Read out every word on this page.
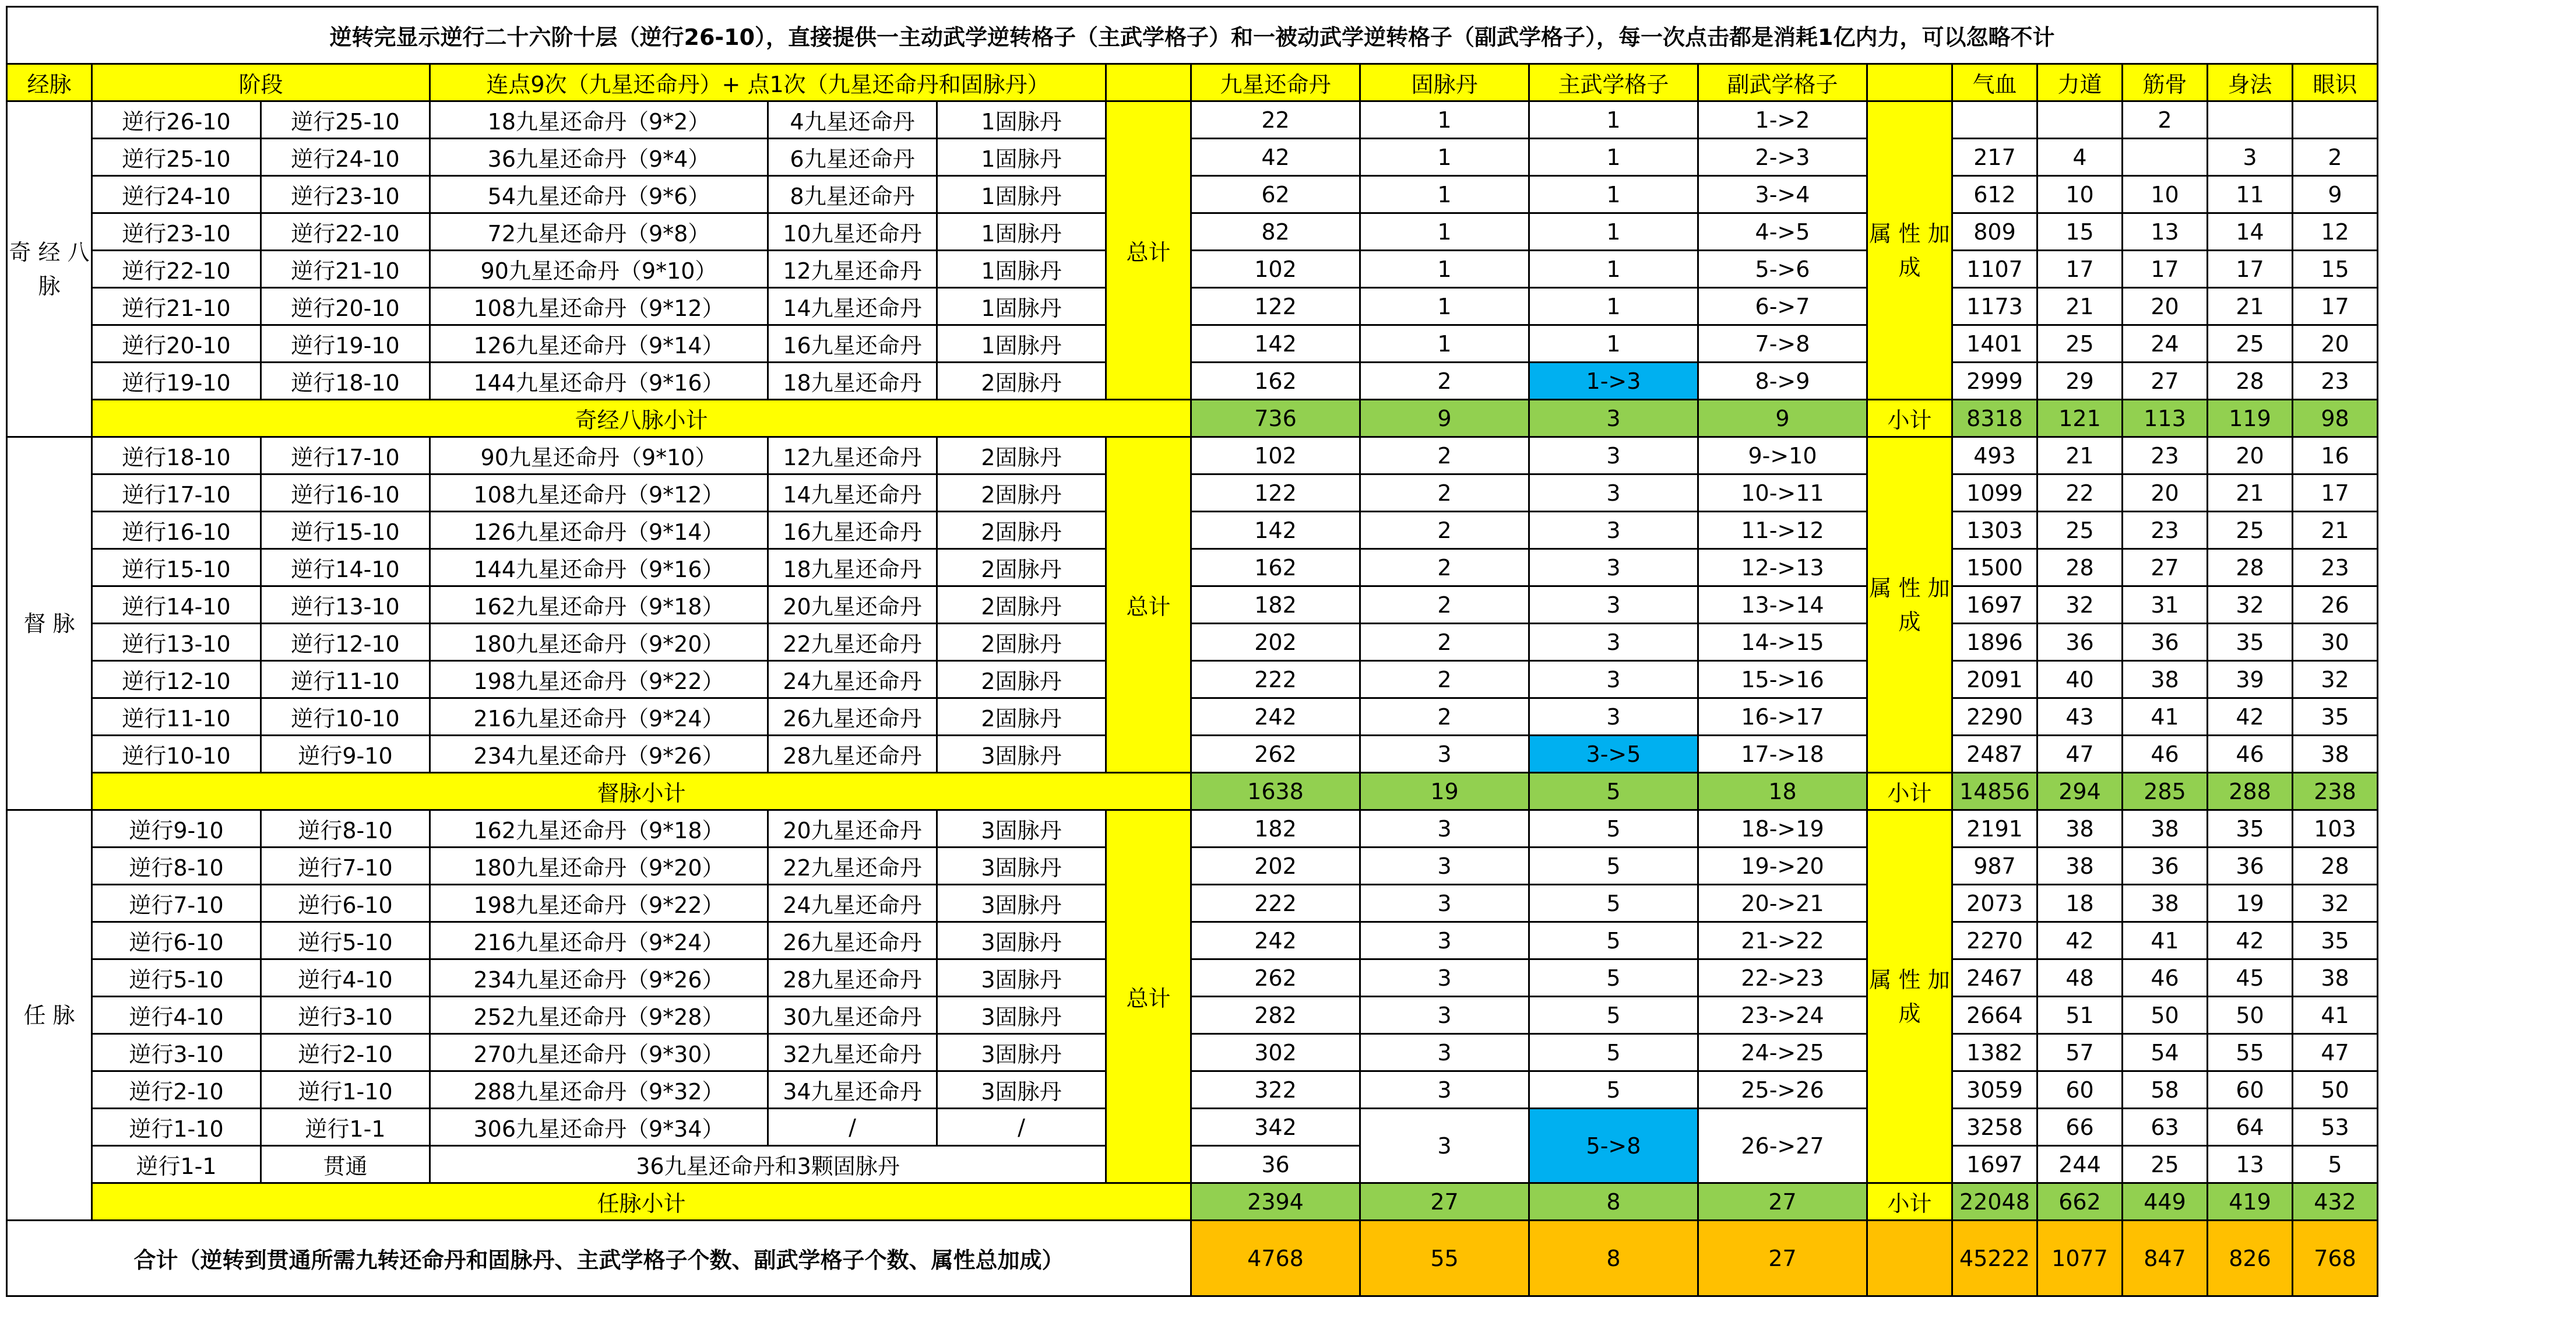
逆转完显示逆行二十六阶十层（逆行26-10），直接提供一主动武学逆转格子（主武学格子）和一被动武学逆转格子（副武学格子），每一次点击都是消耗1亿内力，可以忽略不计																
经脉	阶段		连点9次（九星还命丹）+ 点1次（九星还命丹和固脉丹）				九星还命丹	固脉丹	主武学格子	副武学格子		气血	力道	筋骨	身法	眼识
奇 经 八 脉	逆行26-10	逆行25-10	18九星还命丹（9*2）	4九星还命丹	1固脉丹	总计	22	1	1	1->2	属 性 加 成			2		
	逆行25-10	逆行24-10	36九星还命丹（9*4）	6九星还命丹	1固脉丹		42	1	1	2->3		217	4		3	2
	逆行24-10	逆行23-10	54九星还命丹（9*6）	8九星还命丹	1固脉丹		62	1	1	3->4		612	10	10	11	9
	逆行23-10	逆行22-10	72九星还命丹（9*8）	10九星还命丹	1固脉丹		82	1	1	4->5		809	15	13	14	12
	逆行22-10	逆行21-10	90九星还命丹（9*10）	12九星还命丹	1固脉丹		102	1	1	5->6		1107	17	17	17	15
	逆行21-10	逆行20-10	108九星还命丹（9*12）	14九星还命丹	1固脉丹		122	1	1	6->7		1173	21	20	21	17
	逆行20-10	逆行19-10	126九星还命丹（9*14）	16九星还命丹	1固脉丹		142	1	1	7->8		1401	25	24	25	20
	逆行19-10	逆行18-10	144九星还命丹（9*16）	18九星还命丹	2固脉丹		162	2	1->3	8->9		2999	29	27	28	23
	奇经八脉小计						736	9	3	9	小计	8318	121	113	119	98
督 脉	逆行18-10	逆行17-10	90九星还命丹（9*10）	12九星还命丹	2固脉丹	总计	102	2	3	9->10	属 性 加 成	493	21	23	20	16
	逆行17-10	逆行16-10	108九星还命丹（9*12）	14九星还命丹	2固脉丹		122	2	3	10->11		1099	22	20	21	17
	逆行16-10	逆行15-10	126九星还命丹（9*14）	16九星还命丹	2固脉丹		142	2	3	11->12		1303	25	23	25	21
	逆行15-10	逆行14-10	144九星还命丹（9*16）	18九星还命丹	2固脉丹		162	2	3	12->13		1500	28	27	28	23
	逆行14-10	逆行13-10	162九星还命丹（9*18）	20九星还命丹	2固脉丹		182	2	3	13->14		1697	32	31	32	26
	逆行13-10	逆行12-10	180九星还命丹（9*20）	22九星还命丹	2固脉丹		202	2	3	14->15		1896	36	36	35	30
	逆行12-10	逆行11-10	198九星还命丹（9*22）	24九星还命丹	2固脉丹		222	2	3	15->16		2091	40	38	39	32
	逆行11-10	逆行10-10	216九星还命丹（9*24）	26九星还命丹	2固脉丹		242	2	3	16->17		2290	43	41	42	35
	逆行10-10	逆行9-10	234九星还命丹（9*26）	28九星还命丹	3固脉丹		262	3	3->5	17->18		2487	47	46	46	38
	督脉小计						1638	19	5	18	小计	14856	294	285	288	238
任 脉	逆行9-10	逆行8-10	162九星还命丹（9*18）	20九星还命丹	3固脉丹	总计	182	3	5	18->19	属 性 加 成	2191	38	38	35	103
	逆行8-10	逆行7-10	180九星还命丹（9*20）	22九星还命丹	3固脉丹		202	3	5	19->20		987	38	36	36	28
	逆行7-10	逆行6-10	198九星还命丹（9*22）	24九星还命丹	3固脉丹		222	3	5	20->21		2073	18	38	19	32
	逆行6-10	逆行5-10	216九星还命丹（9*24）	26九星还命丹	3固脉丹		242	3	5	21->22		2270	42	41	42	35
	逆行5-10	逆行4-10	234九星还命丹（9*26）	28九星还命丹	3固脉丹		262	3	5	22->23		2467	48	46	45	38
	逆行4-10	逆行3-10	252九星还命丹（9*28）	30九星还命丹	3固脉丹		282	3	5	23->24		2664	51	50	50	41
	逆行3-10	逆行2-10	270九星还命丹（9*30）	32九星还命丹	3固脉丹		302	3	5	24->25		1382	57	54	55	47
	逆行2-10	逆行1-10	288九星还命丹（9*32）	34九星还命丹	3固脉丹		322	3	5	25->26		3059	60	58	60	50
	逆行1-10	逆行1-1	306九星还命丹（9*34）	/	/		342	3	5->8	26->27		3258	66	63	64	53
	逆行1-1	贯通	36九星还命丹和3颗固脉丹				36					1697	244	25	13	5
	任脉小计						2394	27	8	27	小计	22048	662	449	419	432
合计（逆转到贯通所需九转还命丹和固脉丹、主武学格子个数、副武学格子个数、属性总加成）							4768	55	8	27		45222	1077	847	826	768
